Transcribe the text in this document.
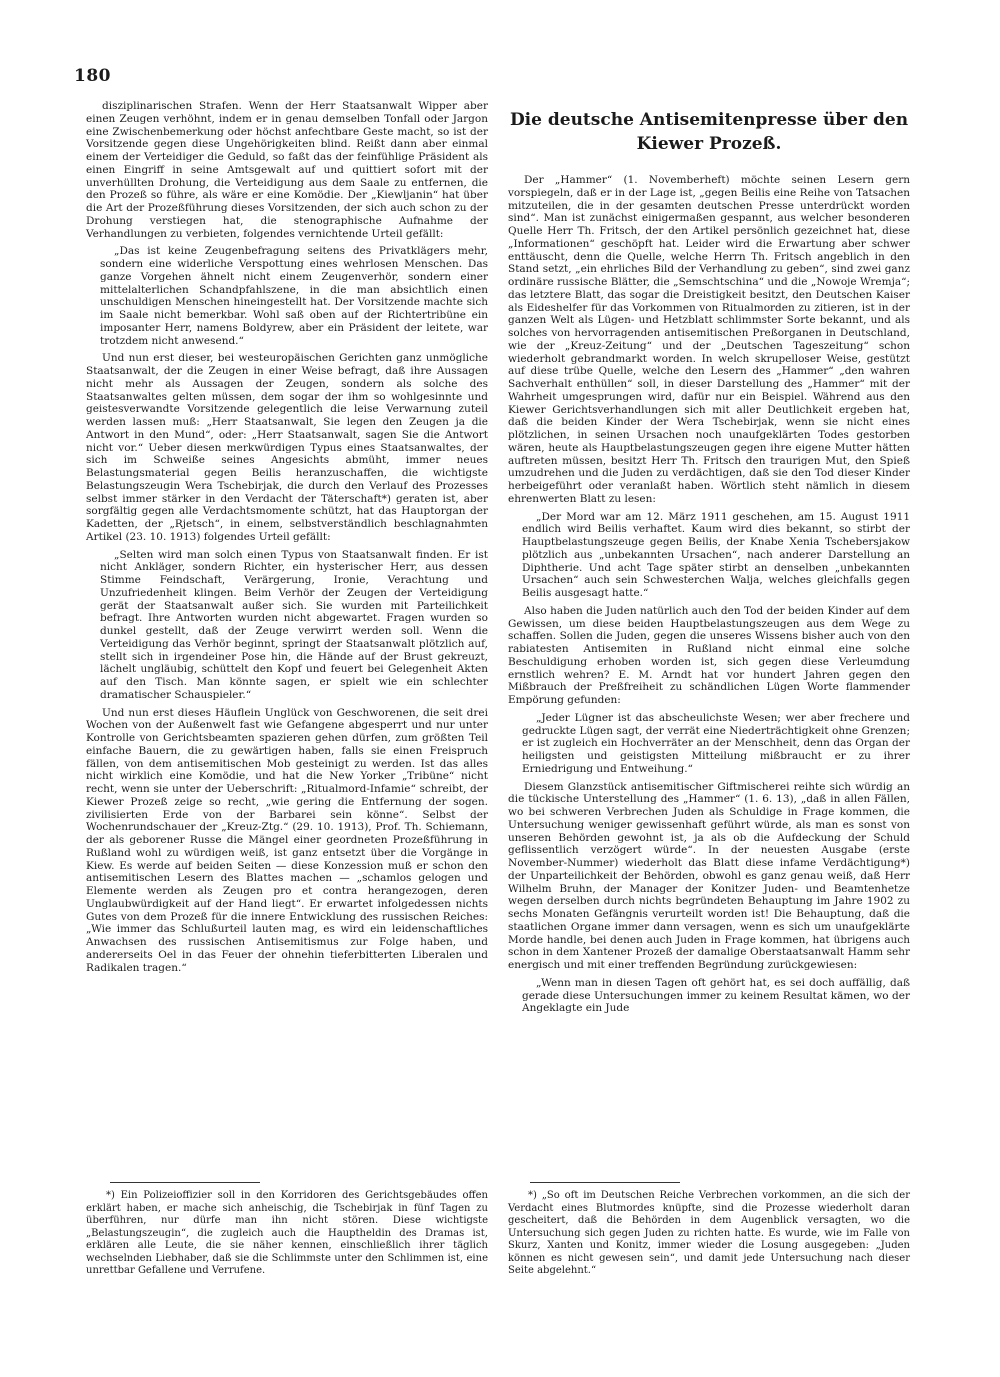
180

disziplinarischen Strafen. Wenn der Herr Staatsanwalt Wipper aber einen Zeugen verhöhnt, indem er in genau demselben Tonfall oder Jargon eine Zwischenbemerkung oder höchst anfechtbare Geste macht, so ist der Vorsitzende gegen diese Ungehörigkeiten blind. Reißt dann aber einmal einem der Verteidiger die Geduld, so faßt das der feinfühlige Präsident als einen Eingriff in seine Amtsgewalt auf und quittiert sofort mit der unverhüllten Drohung, die Verteidigung aus dem Saale zu entfernen, die den Prozeß so führe, als wäre er eine Komödie. Der „Kiewljanin“ hat über die Art der Prozeßführung dieses Vorsitzenden, der sich auch schon zu der Drohung verstiegen hat, die stenographische Aufnahme der Verhandlungen zu verbieten, folgendes vernichtende Urteil gefällt:

„Das ist keine Zeugenbefragung seitens des Privatklägers mehr, sondern eine widerliche Verspottung eines wehrlosen Menschen. Das ganze Vorgehen ähnelt nicht einem Zeugenverhör, sondern einer mittelalterlichen Schandpfahlszene, in die man absichtlich einen unschuldigen Menschen hineingestellt hat. Der Vorsitzende machte sich im Saale nicht bemerkbar. Wohl saß oben auf der Richtertribüne ein imposanter Herr, namens Boldyrew, aber ein Präsident der leitete, war trotzdem nicht anwesend.“

Und nun erst dieser, bei westeuropäischen Gerichten ganz unmögliche Staatsanwalt, der die Zeugen in einer Weise befragt, daß ihre Aussagen nicht mehr als Aussagen der Zeugen, sondern als solche des Staatsanwaltes gelten müssen, dem sogar der ihm so wohlgesinnte und geistesverwandte Vorsitzende gelegentlich die leise Verwarnung zuteil werden lassen muß: „Herr Staatsanwalt, Sie legen den Zeugen ja die Antwort in den Mund“, oder: „Herr Staatsanwalt, sagen Sie die Antwort nicht vor.“ Ueber diesen merkwürdigen Typus eines Staatsanwaltes, der sich im Schweiße seines Angesichts abmüht, immer neues Belastungsmaterial gegen Beilis heranzuschaffen, die wichtigste Belastungszeugin Wera Tschebirjak, die durch den Verlauf des Prozesses selbst immer stärker in den Verdacht der Täterschaft*) geraten ist, aber sorgfältig gegen alle Verdachtsmomente schützt, hat das Hauptorgan der Kadetten, der „Rjetsch“, in einem, selbstverständlich beschlagnahmten Artikel (23. 10. 1913) folgendes Urteil gefällt:

„Selten wird man solch einen Typus von Staatsanwalt finden. Er ist nicht Ankläger, sondern Richter, ein hysterischer Herr, aus dessen Stimme Feindschaft, Verärgerung, Ironie, Verachtung und Unzufriedenheit klingen. Beim Verhör der Zeugen der Verteidigung gerät der Staatsanwalt außer sich. Sie wurden mit Parteilichkeit befragt. Ihre Antworten wurden nicht abgewartet. Fragen wurden so dunkel gestellt, daß der Zeuge verwirrt werden soll. Wenn die Verteidigung das Verhör beginnt, springt der Staatsanwalt plötzlich auf, stellt sich in irgendeiner Pose hin, die Hände auf der Brust gekreuzt, lächelt ungläubig, schüttelt den Kopf und feuert bei Gelegenheit Akten auf den Tisch. Man könnte sagen, er spielt wie ein schlechter dramatischer Schauspieler.“

Und nun erst dieses Häuflein Unglück von Geschworenen, die seit drei Wochen von der Außenwelt fast wie Gefangene abgesperrt und nur unter Kontrolle von Gerichtsbeamten spazieren gehen dürfen, zum größten Teil einfache Bauern, die zu gewärtigen haben, falls sie einen Freispruch fällen, von dem antisemitischen Mob gesteinigt zu werden. Ist das alles nicht wirklich eine Komödie, und hat die New Yorker „Tribüne“ nicht recht, wenn sie unter der Ueberschrift: „Ritualmord-Infamie“ schreibt, der Kiewer Prozeß zeige so recht, „wie gering die Entfernung der sogen. zivilisierten Erde von der Barbarei sein könne“. Selbst der Wochenrundschauer der „Kreuz-Ztg.“ (29. 10. 1913), Prof. Th. Schiemann, der als geborener Russe die Mängel einer geordneten Prozeßführung in Rußland wohl zu würdigen weiß, ist ganz entsetzt über die Vorgänge in Kiew. Es werde auf beiden Seiten — diese Konzession muß er schon den antisemitischen Lesern des Blattes machen — „schamlos gelogen und Elemente werden als Zeugen pro et contra herangezogen, deren Unglaubwürdigkeit auf der Hand liegt“. Er erwartet infolgedessen nichts Gutes von dem Prozeß für die innere Entwicklung des russischen Reiches: „Wie immer das Schlußurteil lauten mag, es wird ein leidenschaftliches Anwachsen des russischen Antisemitismus zur Folge haben, und andererseits Oel in das Feuer der ohnehin tieferbitterten Liberalen und Radikalen tragen.“

Die deutsche Antisemitenpresse über den
Kiewer Prozeß.

Der „Hammer“ (1. Novemberheft) möchte seinen Lesern gern vorspiegeln, daß er in der Lage ist, „gegen Beilis eine Reihe von Tatsachen mitzuteilen, die in der gesamten deutschen Presse unterdrückt worden sind“. Man ist zunächst einigermaßen gespannt, aus welcher besonderen Quelle Herr Th. Fritsch, der den Artikel persönlich gezeichnet hat, diese „Informationen“ geschöpft hat. Leider wird die Erwartung aber schwer enttäuscht, denn die Quelle, welche Herrn Th. Fritsch angeblich in den Stand setzt, „ein ehrliches Bild der Verhandlung zu geben“, sind zwei ganz ordinäre russische Blätter, die „Semschtschina“ und die „Nowoje Wremja“; das letztere Blatt, das sogar die Dreistigkeit besitzt, den Deutschen Kaiser als Eideshelfer für das Vorkommen von Ritualmorden zu zitieren, ist in der ganzen Welt als Lügen- und Hetzblatt schlimmster Sorte bekannt, und als solches von hervorragenden antisemitischen Preßorganen in Deutschland, wie der „Kreuz-Zeitung“ und der „Deutschen Tageszeitung“ schon wiederholt gebrandmarkt worden. In welch skrupelloser Weise, gestützt auf diese trübe Quelle, welche den Lesern des „Hammer“ „den wahren Sachverhalt enthüllen“ soll, in dieser Darstellung des „Hammer“ mit der Wahrheit umgesprungen wird, dafür nur ein Beispiel. Während aus den Kiewer Gerichtsverhandlungen sich mit aller Deutlichkeit ergeben hat, daß die beiden Kinder der Wera Tschebirjak, wenn sie nicht eines plötzlichen, in seinen Ursachen noch unaufgeklärten Todes gestorben wären, heute als Hauptbelastungszeugen gegen ihre eigene Mutter hätten auftreten müssen, besitzt Herr Th. Fritsch den traurigen Mut, den Spieß umzudrehen und die Juden zu verdächtigen, daß sie den Tod dieser Kinder herbeigeführt oder veranlaßt haben. Wörtlich steht nämlich in diesem ehrenwerten Blatt zu lesen:

„Der Mord war am 12. März 1911 geschehen, am 15. August 1911 endlich wird Beilis verhaftet. Kaum wird dies bekannt, so stirbt der Hauptbelastungszeuge gegen Beilis, der Knabe Xenia Tschebersjakow plötzlich aus „unbekannten Ursachen“, nach anderer Darstellung an Diphtherie. Und acht Tage später stirbt an denselben „unbekannten Ursachen“ auch sein Schwesterchen Walja, welches gleichfalls gegen Beilis ausgesagt hatte.“

Also haben die Juden natürlich auch den Tod der beiden Kinder auf dem Gewissen, um diese beiden Hauptbelastungszeugen aus dem Wege zu schaffen. Sollen die Juden, gegen die unseres Wissens bisher auch von den rabiatesten Antisemiten in Rußland nicht einmal eine solche Beschuldigung erhoben worden ist, sich gegen diese Verleumdung ernstlich wehren? E. M. Arndt hat vor hundert Jahren gegen den Mißbrauch der Preßfreiheit zu schändlichen Lügen Worte flammender Empörung gefunden:

„Jeder Lügner ist das abscheulichste Wesen; wer aber frechere und gedruckte Lügen sagt, der verrät eine Niederträchtigkeit ohne Grenzen; er ist zugleich ein Hochverräter an der Menschheit, denn das Organ der heiligsten und geistigsten Mitteilung mißbraucht er zu ihrer Erniedrigung und Entweihung.“

Diesem Glanzstück antisemitischer Giftmischerei reihte sich würdig an die tückische Unterstellung des „Hammer“ (1. 6. 13), „daß in allen Fällen, wo bei schweren Verbrechen Juden als Schuldige in Frage kommen, die Untersuchung weniger gewissenhaft geführt würde, als man es sonst von unseren Behörden gewohnt ist, ja als ob die Aufdeckung der Schuld geflissentlich verzögert würde“. In der neuesten Ausgabe (erste November-Nummer) wiederholt das Blatt diese infame Verdächtigung*) der Unparteilichkeit der Behörden, obwohl es ganz genau weiß, daß Herr Wilhelm Bruhn, der Manager der Konitzer Juden- und Beamtenhetze wegen derselben durch nichts begründeten Behauptung im Jahre 1902 zu sechs Monaten Gefängnis verurteilt worden ist! Die Behauptung, daß die staatlichen Organe immer dann versagen, wenn es sich um unaufgeklärte Morde handle, bei denen auch Juden in Frage kommen, hat übrigens auch schon in dem Xantener Prozeß der damalige Oberstaatsanwalt Hamm sehr energisch und mit einer treffenden Begründung zurückgewiesen:

„Wenn man in diesen Tagen oft gehört hat, es sei doch auffällig, daß gerade diese Untersuchungen immer zu keinem Resultat kämen, wo der Angeklagte ein Jude

*) Ein Polizeioffizier soll in den Korridoren des Gerichtsgebäudes offen erklärt haben, er mache sich anheischig, die Tschebirjak in fünf Tagen zu überführen, nur dürfe man ihn nicht stören. Diese wichtigste „Belastungszeugin“, die zugleich auch die Hauptheldin des Dramas ist, erklären alle Leute, die sie näher kennen, einschließlich ihrer täglich wechselnden Liebhaber, daß sie die Schlimmste unter den Schlimmen ist, eine unrettbar Gefallene und Verrufene.

*) „So oft im Deutschen Reiche Verbrechen vorkommen, an die sich der Verdacht eines Blutmordes knüpfte, sind die Prozesse wiederholt daran gescheitert, daß die Behörden in dem Augenblick versagten, wo die Untersuchung sich gegen Juden zu richten hatte. Es wurde, wie im Falle von Skurz, Xanten und Konitz, immer wieder die Losung ausgegeben: „Juden können es nicht gewesen sein“, und damit jede Untersuchung nach dieser Seite abgelehnt.“
